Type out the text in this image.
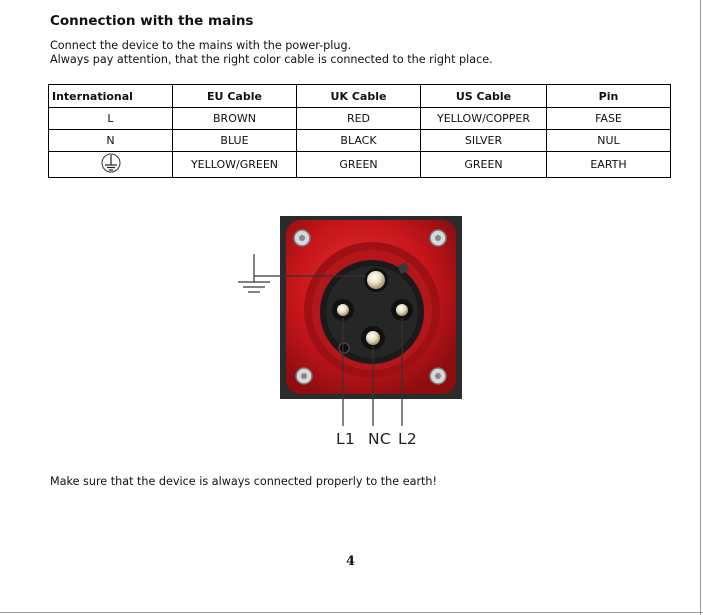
Connection with the mains

Connect the device to the mains with the power-plug.

Always pay attention, that the right color cable is connected to the right place.

International	EU Cable	UK Cable	US Cable	Pin
L	BROWN	RED	YELLOW/COPPER	FASE
N	BLUE	BLACK	SILVER	NUL
	YELLOW/GREEN	GREEN	GREEN	EARTH
L1 NC L2

Make sure that the device is always connected properly to the earth!

4
